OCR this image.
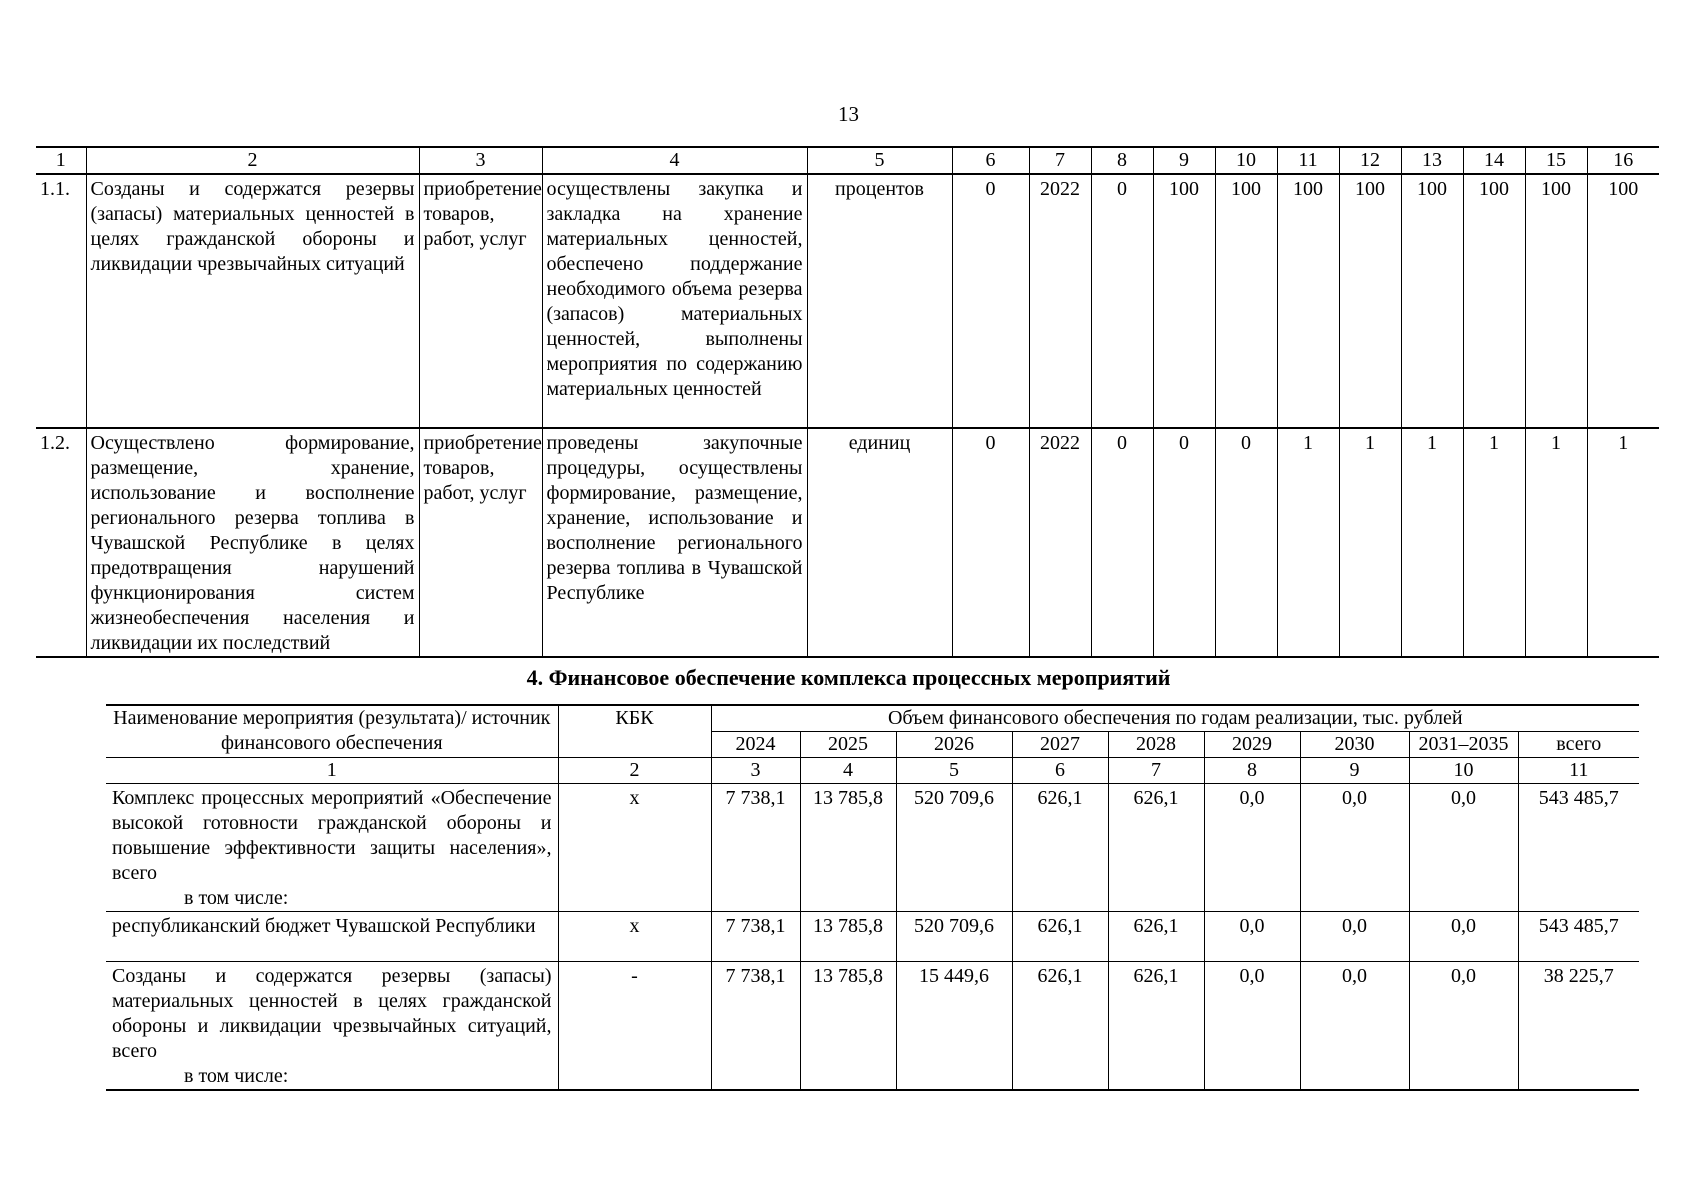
13
1	2	3	4	5	6	7	8	9	10	11	12	13	14	15	16
1.1.	Созданы и содержатся резервы (запасы) материальных ценностей в целях гражданской обороны и ликвидации чрезвычайных ситуаций	приобретение товаров, работ, услуг	осуществлены закупка и закладка на хранение материальных ценностей, обеспечено поддержание необходимого объема резерва (запасов) материальных ценностей, выполнены мероприятия по содержанию материальных ценностей	процентов	0	2022	0	100	100	100	100	100	100	100	100
1.2.	Осуществлено формирование, размещение, хранение, использование и восполнение регионального резерва топлива в Чувашской Республике в целях предотвращения нарушений функционирования систем жизнеобеспечения населения и ликвидации их последствий	приобретение товаров, работ, услуг	проведены закупочные процедуры, осуществлены формирование, размещение, хранение, использование и восполнение регионального резерва топлива в Чувашской Республике	единиц	0	2022	0	0	0	1	1	1	1	1	1
4. Финансовое обеспечение комплекса процессных мероприятий
Наименование мероприятия (результата)/ источник финансового обеспечения	КБК	Объем финансового обеспечения по годам реализации, тыс. рублей								
		2024	2025	2026	2027	2028	2029	2030	2031–2035	всего
1	2	3	4	5	6	7	8	9	10	11
Комплекс процессных мероприятий «Обеспечение высокой готовности гражданской обороны и повышение эффективности защиты населения», всего
в том числе:	х	7 738,1	13 785,8	520 709,6	626,1	626,1	0,0	0,0	0,0	543 485,7
республиканский бюджет Чувашской Республики	х	7 738,1	13 785,8	520 709,6	626,1	626,1	0,0	0,0	0,0	543 485,7
Созданы и содержатся резервы (запасы) материальных ценностей в целях гражданской обороны и ликвидации чрезвычайных ситуаций, всего
в том числе:	-	7 738,1	13 785,8	15 449,6	626,1	626,1	0,0	0,0	0,0	38 225,7
